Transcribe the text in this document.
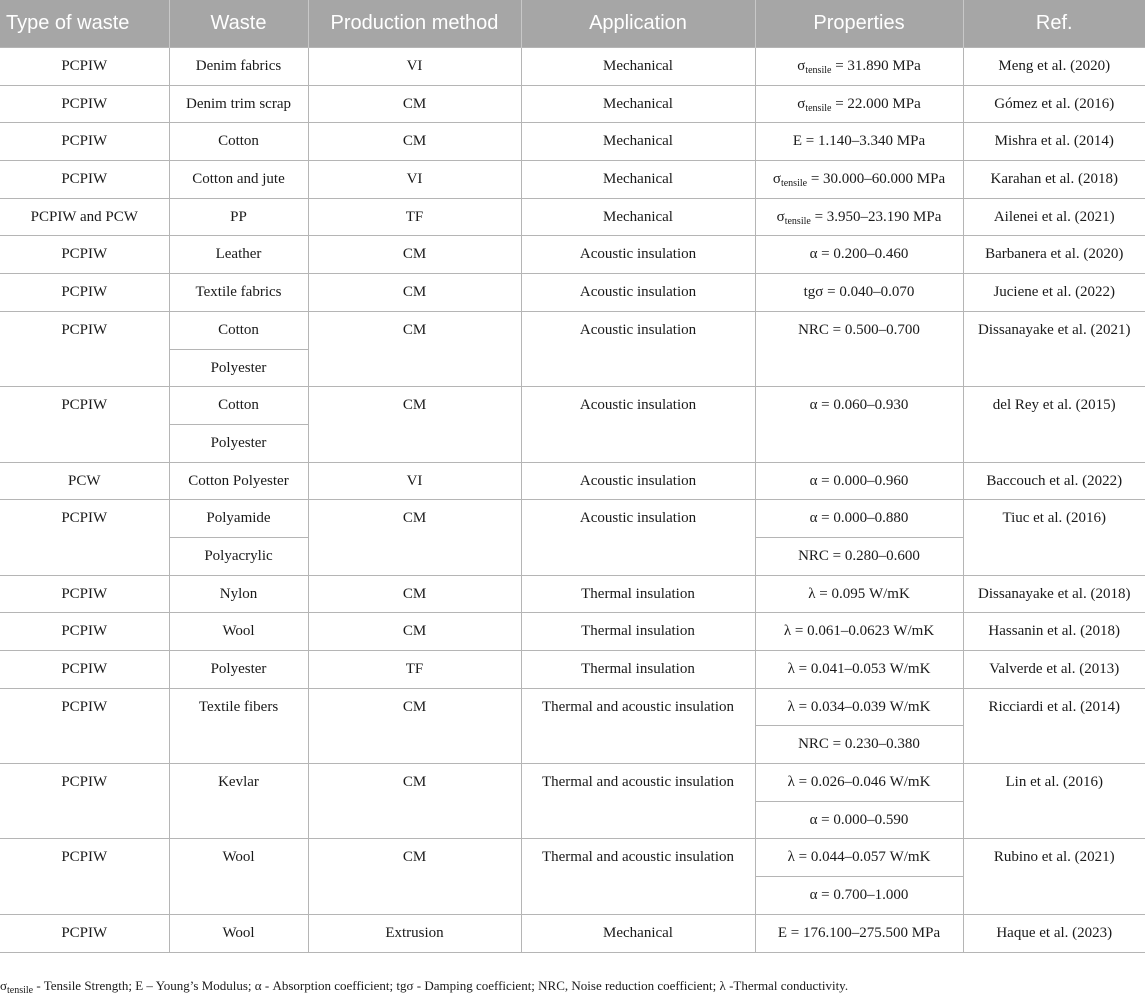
Type of waste	Waste	Production method	Application	Properties	Ref.
PCPIW	Denim fabrics	VI	Mechanical	$\sigma_{tensile} = 31.890$ MPa	Meng et al. (2020)
PCPIW	Denim trim scrap	CM	Mechanical	$\sigma_{tensile} = 22.000$ MPa	Gómez et al. (2016)
PCPIW	Cotton	CM	Mechanical	E = 1.140–3.340 MPa	Mishra et al. (2014)
PCPIW	Cotton and jute	VI	Mechanical	$\sigma_{tensile} = 30.000-60.000$ MPa	Karahan et al. (2018)
PCPIW and PCW	PP	TF	Mechanical	$\sigma_{tensile} = 3.950-23.190$ MPa	Ailenei et al. (2021)
PCPIW	Leather	CM	Acoustic insulation	α = 0.200–0.460	Barbanera et al. (2020)
PCPIW	Textile fabrics	CM	Acoustic insulation	tgσ = 0.040–0.070	Juciene et al. (2022)
PCPIW	Cotton	CM	Acoustic insulation	NRC = 0.500–0.700	Dissanayake et al. (2021)
	Polyester				
PCPIW	Cotton	CM	Acoustic insulation	α = 0.060–0.930	del Rey et al. (2015)
	Polyester				
PCW	Cotton Polyester	VI	Acoustic insulation	α = 0.000–0.960	Baccouch et al. (2022)
PCPIW	Polyamide	CM	Acoustic insulation	α = 0.000–0.880	Tiuc et al. (2016)
	Polyacrylic			NRC = 0.280–0.600	
PCPIW	Nylon	CM	Thermal insulation	λ = 0.095 W/mK	Dissanayake et al. (2018)
PCPIW	Wool	CM	Thermal insulation	λ = 0.061–0.0623 W/mK	Hassanin et al. (2018)
PCPIW	Polyester	TF	Thermal insulation	λ = 0.041–0.053 W/mK	Valverde et al. (2013)
PCPIW	Textile fibers	CM	Thermal and acoustic insulation	λ = 0.034–0.039 W/mK	Ricciardi et al. (2014)
				NRC = 0.230–0.380	
PCPIW	Kevlar	CM	Thermal and acoustic insulation	λ = 0.026–0.046 W/mK	Lin et al. (2016)
				α = 0.000–0.590	
PCPIW	Wool	CM	Thermal and acoustic insulation	λ = 0.044–0.057 W/mK	Rubino et al. (2021)
				α = 0.700–1.000	
PCPIW	Wool	Extrusion	Mechanical	E = 176.100–275.500 MPa	Haque et al. (2023)
$\sigma_{tensile}$ - Tensile Strength; E – Young’s Modulus; α - Absorption coefficient; tgσ - Damping coefficient; NRC, Noise reduction coefficient; λ -Thermal conductivity.
